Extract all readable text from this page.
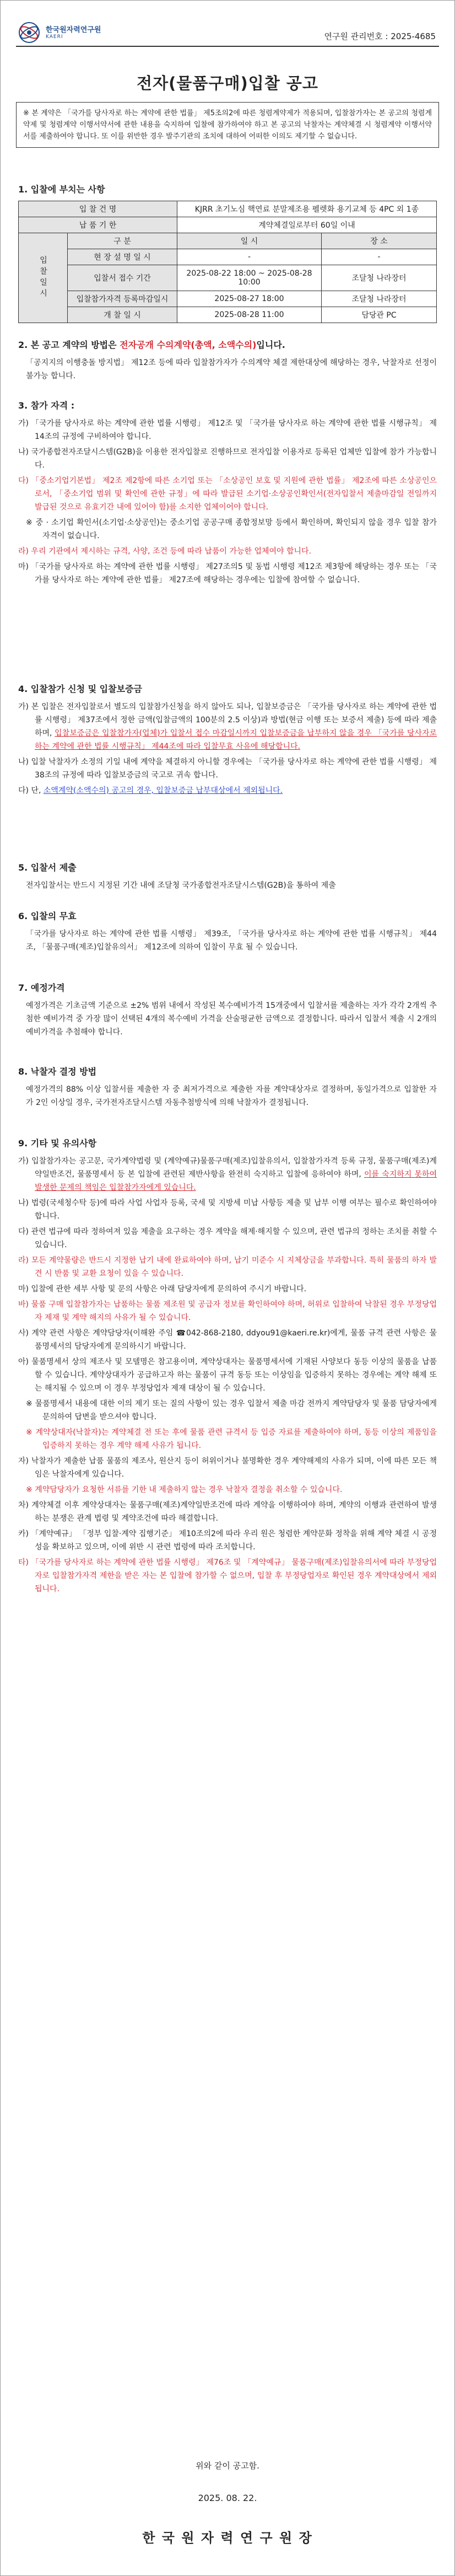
한국원자력연구원
KAERI	연구원 관리번호 : 2025-4685
전자(물품구매)입찰 공고
※ 본 계약은 「국가를 당사자로 하는 계약에 관한 법률」 제5조의2에 따른 청렴계약제가 적용되며, 입찰참가자는 본 공고의 청렴계약제 및 청렴계약 이행서약서에 관한 내용을 숙지하여 입찰에 참가하여야 하고 본 공고의 낙찰자는 계약체결 시 청렴계약 이행서약서를 제출하여야 합니다. 또 이를 위반한 경우 발주기관의 조치에 대하여 어떠한 이의도 제기할 수 없습니다.
1. 입찰에 부치는 사항
입 찰 건 명		KJRR 초기노심 핵연료 분말제조용 펠렛화 용기교체 등 4PC 외 1종	
납 품 기 한		계약체결일로부터 60일 이내	
입찰일시	구 분	일 시	장 소
	현 장 설 명 일 시	-	-
	입찰서 접수 기간	2025-08-22 18:00 ~ 2025-08-28 10:00	조달청 나라장터
	입찰참가자격 등록마감일시	2025-08-27 18:00	조달청 나라장터
	개 찰 일 시	2025-08-28 11:00	담당관 PC
2. 본 공고 계약의 방법은 전자공개 수의계약(총액, 소액수의)입니다.
「공지지의 이행충돌 방지법」 제12조 등에 따라 입찰참가자가 수의계약 체결 제한대상에 해당하는 경우, 낙찰자로 선정이 불가능 합니다.
3. 참가 자격 :
가) 「국가를 당사자로 하는 계약에 관한 법률 시행령」 제12조 및 「국가를 당사자로 하는 계약에 관한 법률 시행규칙」 제14조의 규정에 구비하여야 합니다.
나) 국가종합전자조달시스템(G2B)을 이용한 전자입찰로 진행하므로 전자입찰 이용자로 등록된 업체만 입찰에 참가 가능합니다.
다) 「중소기업기본법」 제2조 제2항에 따른 소기업 또는 「소상공인 보호 및 지원에 관한 법률」 제2조에 따른 소상공인으로서, 「중소기업 범위 및 확인에 관한 규정」에 따라 발급된 소기업·소상공인확인서(전자입찰서 제출마감일 전일까지 발급된 것으로 유효기간 내에 있어야 함)를 소지한 업체이어야 합니다.
※ 중 · 소기업 확인서(소기업·소상공인)는 중소기업 공공구매 종합정보망 등에서 확인하며, 확인되지 않을 경우 입찰 참가 자격이 없습니다.
라) 우리 기관에서 제시하는 규격, 사양, 조건 등에 따라 납품이 가능한 업체여야 합니다.
마) 「국가를 당사자로 하는 계약에 관한 법률 시행령」 제27조의5 및 동법 시행령 제12조 제3항에 해당하는 경우 또는 「국가를 당사자로 하는 계약에 관한 법률」 제27조에 해당하는 경우에는 입찰에 참여할 수 없습니다.
4. 입찰참가 신청 및 입찰보증금
가) 본 입찰은 전자입찰로서 별도의 입찰참가신청을 하지 않아도 되나, 입찰보증금은 「국가를 당사자로 하는 계약에 관한 법률 시행령」 제37조에서 정한 금액(입찰금액의 100분의 2.5 이상)과 방법(현금 이행 또는 보증서 제출) 등에 따라 제출하며, 입찰보증금은 입찰참가자(업체)가 입찰서 접수 마감일시까지 입찰보증금을 납부하지 않을 경우 「국가를 당사자로 하는 계약에 관한 법률 시행규칙」 제44조에 따라 입찰무효 사유에 해당합니다.
나) 입찰 낙찰자가 소정의 기일 내에 계약을 체결하지 아니할 경우에는 「국가를 당사자로 하는 계약에 관한 법률 시행령」 제38조의 규정에 따라 입찰보증금의 국고로 귀속 합니다.
다) 단, 소액계약(소액수의) 공고의 경우, 입찰보증금 납부대상에서 제외됩니다.
5. 입찰서 제출
전자입찰서는 반드시 지정된 기간 내에 조달청 국가종합전자조달시스템(G2B)을 통하여 제출
6. 입찰의 무효
「국가를 당사자로 하는 계약에 관한 법률 시행령」 제39조, 「국가를 당사자로 하는 계약에 관한 법률 시행규칙」 제44조, 「물품구매(제조)입찰유의서」 제12조에 의하여 입찰이 무효 될 수 있습니다.
7. 예정가격
예정가격은 기초금액 기준으로 ±2% 범위 내에서 작성된 복수예비가격 15개중에서 입찰서를 제출하는 자가 각각 2개씩 추첨한 예비가격 중 가장 많이 선택된 4개의 복수예비 가격을 산술평균한 금액으로 결정합니다. 따라서 입찰서 제출 시 2개의 예비가격을 추첨해야 합니다.
8. 낙찰자 결정 방법
예정가격의 88% 이상 입찰서를 제출한 자 중 최저가격으로 제출한 자를 계약대상자로 결정하며, 동일가격으로 입찰한 자가 2인 이상일 경우, 국가전자조달시스템 자동추첨방식에 의해 낙찰자가 결정됩니다.
9. 기타 및 유의사항
가) 입찰참가자는 공고문, 국가계약법령 및 (계약예규)물품구매(제조)입찰유의서, 입찰참가자격 등록 규정, 물품구매(제조)계약일반조건, 물품명세서 등 본 입찰에 관련된 제반사항을 완전히 숙지하고 입찰에 응하여야 하며, 이를 숙지하지 못하여 발생한 문제의 책임은 입찰참가자에게 있습니다.
나) 법령(국세청수탁 등)에 따라 사업 사업자 등록, 국세 및 지방세 미납 사항등 제출 및 납부 이행 여부는 필수로 확인하여야 합니다.
다) 관련 법규에 따라 정하여져 있음 제출을 요구하는 경우 계약을 해제·해지할 수 있으며, 관련 법규의 정하는 조치를 취할 수 있습니다.
라) 모든 계약물량은 반드시 지정한 납기 내에 완료하여야 하며, 납기 미준수 시 지체상금을 부과합니다. 특히 물품의 하자 발견 시 반품 및 교환 요청이 있을 수 있습니다.
마) 입찰에 관한 세부 사항 및 문의 사항은 아래 담당자에게 문의하여 주시기 바랍니다.
바) 물품 구매 입찰참가자는 납품하는 물품 제조원 및 공급자 정보를 확인하여야 하며, 허위로 입찰하여 낙찰된 경우 부정당업자 제재 및 계약 해지의 사유가 될 수 있습니다.
사) 계약 관련 사항은 계약담당자(이해완 주임 ☎042-868-2180, ddyou91@kaeri.re.kr)에게, 물품 규격 관련 사항은 물품명세서의 담당자에게 문의하시기 바랍니다.
아) 물품명세서 상의 제조사 및 모델명은 참고용이며, 계약상대자는 물품명세서에 기재된 사양보다 동등 이상의 물품을 납품할 수 있습니다. 계약상대자가 공급하고자 하는 물품이 규격 동등 또는 이상임을 입증하지 못하는 경우에는 계약 해제 또는 해지될 수 있으며 이 경우 부정당업자 제재 대상이 될 수 있습니다.
※ 물품명세서 내용에 대한 이의 제기 또는 질의 사항이 있는 경우 입찰서 제출 마감 전까지 계약담당자 및 물품 담당자에게 문의하여 답변을 받으셔야 합니다.
※ 계약상대자(낙찰자)는 계약체결 전 또는 후에 물품 관련 규격서 등 입증 자료를 제출하여야 하며, 동등 이상의 제품임을 입증하지 못하는 경우 계약 해제 사유가 됩니다.
자) 낙찰자가 제출한 납품 물품의 제조사, 원산지 등이 허위이거나 불명확한 경우 계약해제의 사유가 되며, 이에 따른 모든 책임은 낙찰자에게 있습니다.
※ 계약담당자가 요청한 서류를 기한 내 제출하지 않는 경우 낙찰자 결정을 취소할 수 있습니다.
차) 계약체결 이후 계약상대자는 물품구매(제조)계약일반조건에 따라 계약을 이행하여야 하며, 계약의 이행과 관련하여 발생하는 분쟁은 관계 법령 및 계약조건에 따라 해결합니다.
카) 「계약예규」 「정부 입찰·계약 집행기준」 제10조의2에 따라 우리 원은 청렴한 계약문화 정착을 위해 계약 체결 시 공정성을 확보하고 있으며, 이에 위반 시 관련 법령에 따라 조치합니다.
타) 「국가를 당사자로 하는 계약에 관한 법률 시행령」 제76조 및 「계약예규」 물품구매(제조)입찰유의서에 따라 부정당업자로 입찰참가자격 제한을 받은 자는 본 입찰에 참가할 수 없으며, 입찰 후 부정당업자로 확인된 경우 계약대상에서 제외됩니다.
위와 같이 공고함.
2025. 08. 22.
한 국 원 자 력 연 구 원 장
